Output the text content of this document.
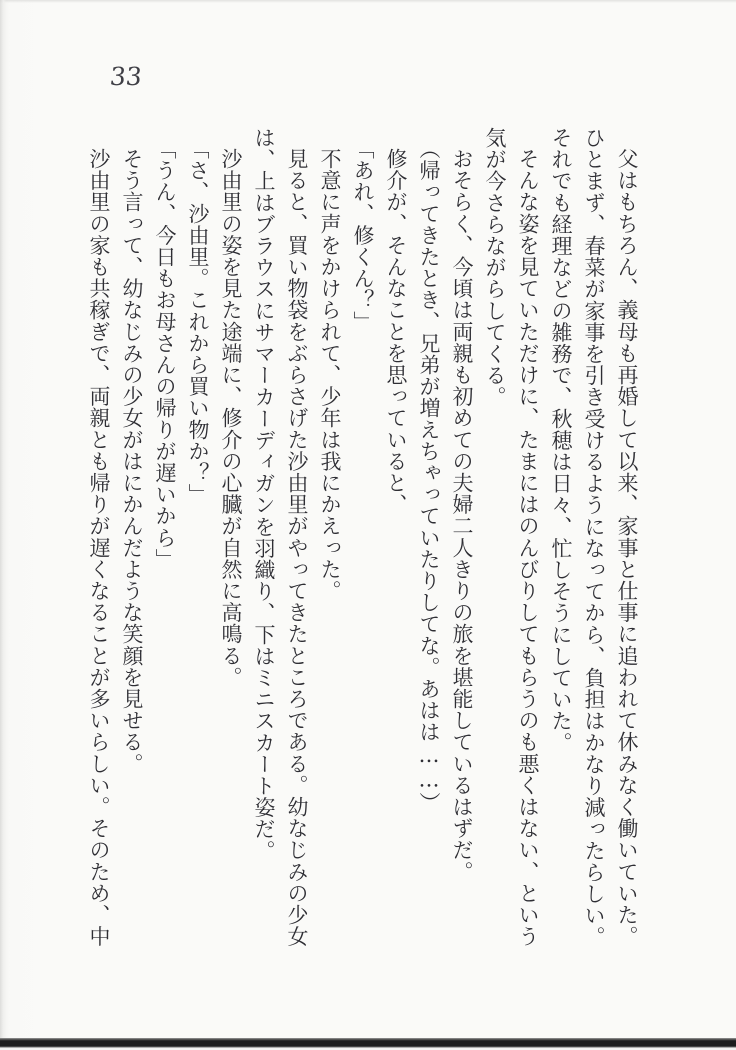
33
父はもちろん、義母も再婚して以来、家事と仕事に追われて休みなく働いていた。
ひとまず、春菜が家事を引き受けるようになってから、負担はかなり減ったらしい。
それでも経理などの雑務で、秋穂は日々、忙しそうにしていた。
そんな姿を見ていただけに、たまにはのんびりしてもらうのも悪くはない、という
気が今さらながらしてくる。
おそらく、今頃は両親も初めての夫婦二人きりの旅を堪能しているはずだ。
（帰ってきたとき、兄弟が増えちゃっていたりしてな。あはは……）
修介が、そんなことを思っていると、
「あれ、修くん？」
不意に声をかけられて、少年は我にかえった。
見ると、買い物袋をぶらさげた沙由里がやってきたところである。幼なじみの少女
は、上はブラウスにサマーカーディガンを羽織り、下はミニスカート姿だ。
沙由里の姿を見た途端に、修介の心臓が自然に高鳴る。
「さ、沙由里。これから買い物か？」
「うん、今日もお母さんの帰りが遅いから」
そう言って、幼なじみの少女がはにかんだような笑顔を見せる。
沙由里の家も共稼ぎで、両親とも帰りが遅くなることが多いらしい。そのため、中
